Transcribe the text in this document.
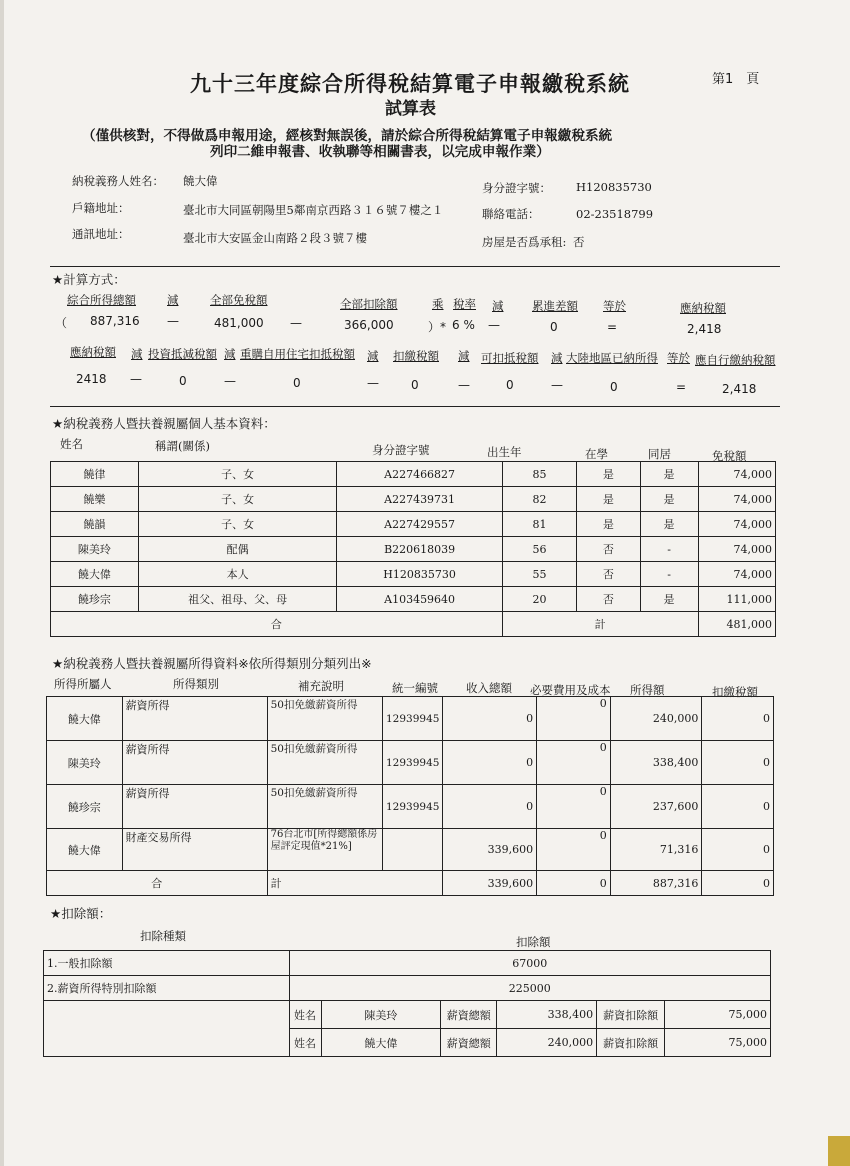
九十三年度綜合所得稅結算電子申報繳稅系統	第1　頁
試算表
（僅供核對，不得做爲申報用途，經核對無誤後，請於綜合所得稅結算電子申報繳稅系統
列印二維申報書、收執聯等相關書表，以完成申報作業）
納稅義務人姓名： 饒大偉	身分證字號： H120835730
戶籍地址：	臺北市大同區朝陽里5鄰南京西路３１６號７樓之１	聯絡電話：	02-23518799
通訊地址：	臺北市大安區金山南路２段３號７樓	房屋是否爲承租: 否
★計算方式：
綜合所得總額	減	全部免稅額	全部扣除額	乘 稅率 減 累進差額 等於	應納稅額
（ 887,316 —	481,000 —	366,000	）* 6 % —	0	=	2,418
應納稅額 減 投資抵減稅額 減 重購自用住宅扣抵稅額 減 扣繳稅額 減 可扣抵稅額 減 大陸地區已納所得 等於 應自行繳納稅額
2418 —	0	—	0	—	0	—	0	—	0	=	2,418
★納稅義務人暨扶養親屬個人基本資料：
姓名	稱謂(關係)	身分證字號	出生年	在學	同居	免稅額
饒律	子、女	A227466827	85	是	是	74,000
饒樂	子、女	A227439731	82	是	是	74,000
饒韻	子、女	A227429557	81	是	是	74,000
陳美玲	配偶	B220618039	56	否	-	74,000
饒大偉	本人	H120835730	55	否	-	74,000
饒珍宗	祖父、祖母、父、母	A103459640	20	否	是	111,000
合			計			481,000
★納稅義務人暨扶養親屬所得資料※依所得類別分類列出※
所得所屬人	所得類別	補充說明	統一編號 收入總額 必要費用及成本 所得額	扣繳稅額
饒大偉	薪資所得	50扣免繳薪資所得	12939945	0	0	240,000	0
陳美玲	薪資所得	50扣免繳薪資所得	12939945	0	0	338,400	0
饒珍宗	薪資所得	50扣免繳薪資所得	12939945	0	0	237,600	0
饒大偉	財產交易所得	76台北市[所得總額係房屋評定現值*21%]		339,600	0	71,316	0
合		計		339,600	0	887,316	0
★扣除額：
扣除種類	扣除額
1.一般扣除額	67000					
2.薪資所得特別扣除額	225000					
	姓名	陳美玲	薪資總額	338,400	薪資扣除額	75,000
	姓名	饒大偉	薪資總額	240,000	薪資扣除額	75,000
